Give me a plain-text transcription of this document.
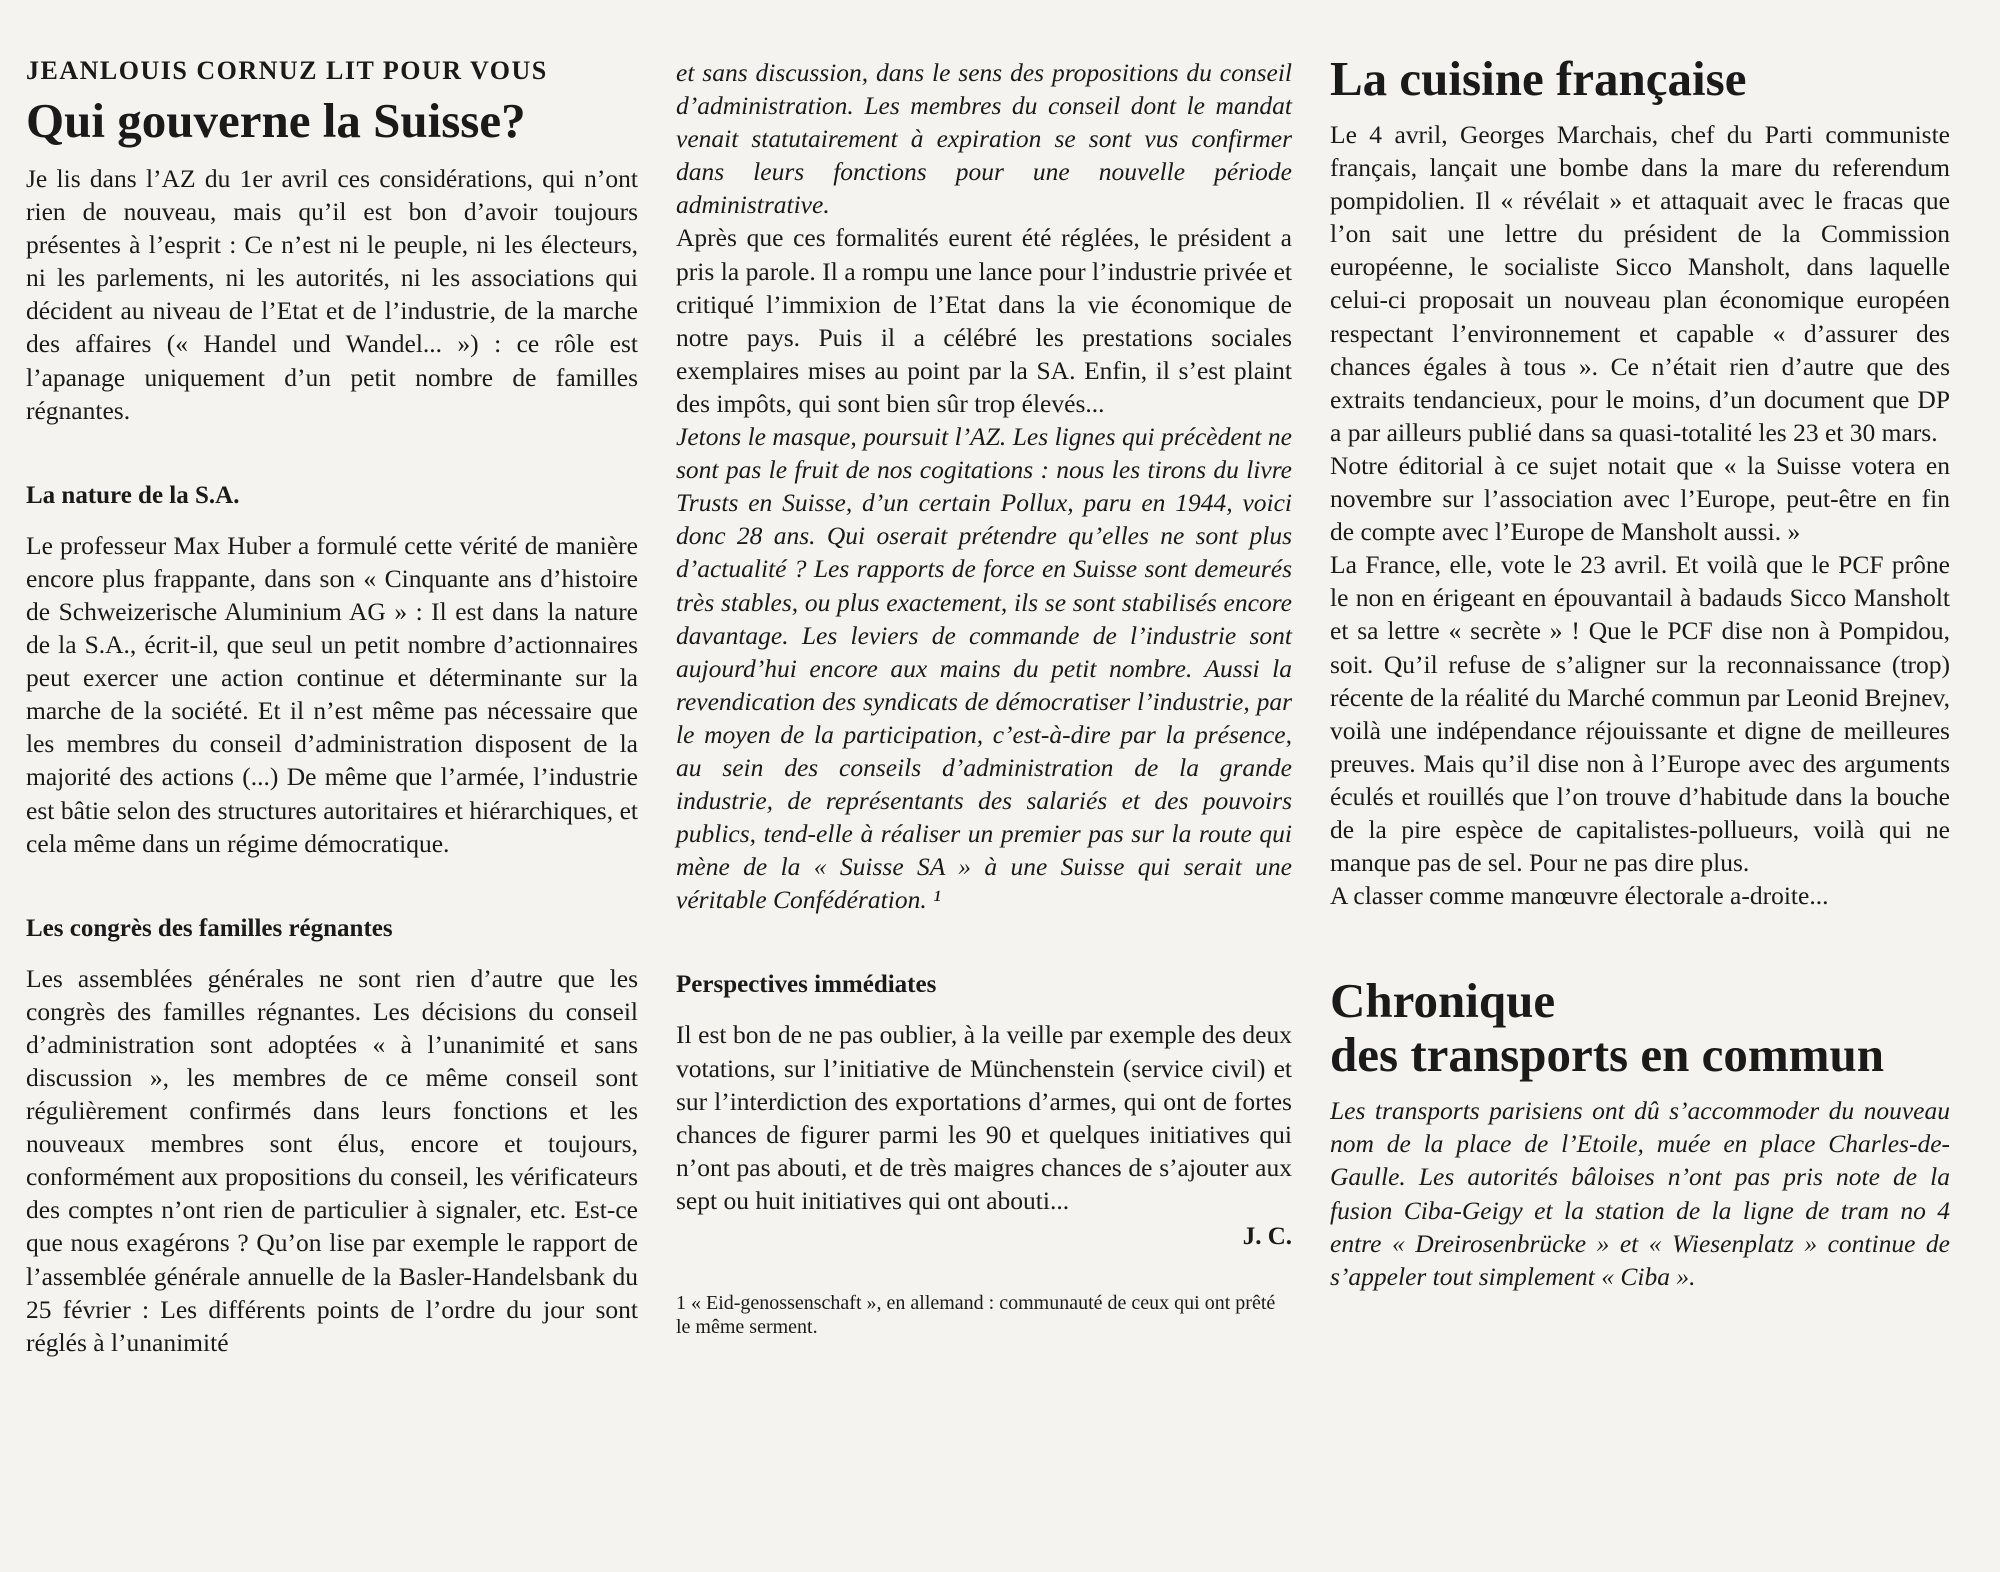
JEANLOUIS CORNUZ LIT POUR VOUS
Qui gouverne la Suisse?

Je lis dans l’AZ du 1er avril ces considérations, qui n’ont rien de nouveau, mais qu’il est bon d’avoir toujours présentes à l’esprit : Ce n’est ni le peuple, ni les électeurs, ni les parlements, ni les autorités, ni les associations qui décident au niveau de l’Etat et de l’industrie, de la marche des affaires (« Handel und Wandel... ») : ce rôle est l’apanage uniquement d’un petit nombre de familles régnantes.

La nature de la S.A.

Le professeur Max Huber a formulé cette vérité de manière encore plus frappante, dans son « Cinquante ans d’histoire de Schweizerische Aluminium AG » : Il est dans la nature de la S.A., écrit-il, que seul un petit nombre d’actionnaires peut exercer une action continue et déterminante sur la marche de la société. Et il n’est même pas nécessaire que les membres du conseil d’administration disposent de la majorité des actions (...) De même que l’armée, l’industrie est bâtie selon des structures autoritaires et hiérarchiques, et cela même dans un régime démocratique.

Les congrès des familles régnantes

Les assemblées générales ne sont rien d’autre que les congrès des familles régnantes. Les décisions du conseil d’administration sont adoptées « à l’unanimité et sans discussion », les membres de ce même conseil sont régulièrement confirmés dans leurs fonctions et les nouveaux membres sont élus, encore et toujours, conformément aux propositions du conseil, les vérificateurs des comptes n’ont rien de particulier à signaler, etc. Est-ce que nous exagérons ? Qu’on lise par exemple le rapport de l’assemblée générale annuelle de la Basler-Handelsbank du 25 février : Les différents points de l’ordre du jour sont réglés à l’unanimité

et sans discussion, dans le sens des propositions du conseil d’administration. Les membres du conseil dont le mandat venait statutairement à expiration se sont vus confirmer dans leurs fonctions pour une nouvelle période administrative.

Après que ces formalités eurent été réglées, le président a pris la parole. Il a rompu une lance pour l’industrie privée et critiqué l’immixion de l’Etat dans la vie économique de notre pays. Puis il a célébré les prestations sociales exemplaires mises au point par la SA. Enfin, il s’est plaint des impôts, qui sont bien sûr trop élevés...

Jetons le masque, poursuit l’AZ. Les lignes qui précèdent ne sont pas le fruit de nos cogitations : nous les tirons du livre Trusts en Suisse, d’un certain Pollux, paru en 1944, voici donc 28 ans. Qui oserait prétendre qu’elles ne sont plus d’actualité ? Les rapports de force en Suisse sont demeurés très stables, ou plus exactement, ils se sont stabilisés encore davantage. Les leviers de commande de l’industrie sont aujourd’hui encore aux mains du petit nombre. Aussi la revendication des syndicats de démocratiser l’industrie, par le moyen de la participation, c’est-à-dire par la présence, au sein des conseils d’administration de la grande industrie, de représentants des salariés et des pouvoirs publics, tend-elle à réaliser un premier pas sur la route qui mène de la « Suisse SA » à une Suisse qui serait une véritable Confédération. ¹

Perspectives immédiates

Il est bon de ne pas oublier, à la veille par exemple des deux votations, sur l’initiative de Münchenstein (service civil) et sur l’interdiction des exportations d’armes, qui ont de fortes chances de figurer parmi les 90 et quelques initiatives qui n’ont pas abouti, et de très maigres chances de s’ajouter aux sept ou huit initiatives qui ont abouti...

J. C.

1 « Eid-genossenschaft », en allemand : communauté de ceux qui ont prêté le même serment.

La cuisine française

Le 4 avril, Georges Marchais, chef du Parti communiste français, lançait une bombe dans la mare du referendum pompidolien. Il « révélait » et attaquait avec le fracas que l’on sait une lettre du président de la Commission européenne, le socialiste Sicco Mansholt, dans laquelle celui-ci proposait un nouveau plan économique européen respectant l’environnement et capable « d’assurer des chances égales à tous ». Ce n’était rien d’autre que des extraits tendancieux, pour le moins, d’un document que DP a par ailleurs publié dans sa quasi-totalité les 23 et 30 mars.

Notre éditorial à ce sujet notait que « la Suisse votera en novembre sur l’association avec l’Europe, peut-être en fin de compte avec l’Europe de Mansholt aussi. »

La France, elle, vote le 23 avril. Et voilà que le PCF prône le non en érigeant en épouvantail à badauds Sicco Mansholt et sa lettre « secrète » ! Que le PCF dise non à Pompidou, soit. Qu’il refuse de s’aligner sur la reconnaissance (trop) récente de la réalité du Marché commun par Leonid Brejnev, voilà une indépendance réjouissante et digne de meilleures preuves. Mais qu’il dise non à l’Europe avec des arguments éculés et rouillés que l’on trouve d’habitude dans la bouche de la pire espèce de capitalistes-pollueurs, voilà qui ne manque pas de sel. Pour ne pas dire plus.

A classer comme manœuvre électorale a-droite...

Chronique
des transports en commun

Les transports parisiens ont dû s’accommoder du nouveau nom de la place de l’Etoile, muée en place Charles-de-Gaulle. Les autorités bâloises n’ont pas pris note de la fusion Ciba-Geigy et la station de la ligne de tram no 4 entre « Dreirosenbrücke » et « Wiesenplatz » continue de s’appeler tout simplement « Ciba ».
